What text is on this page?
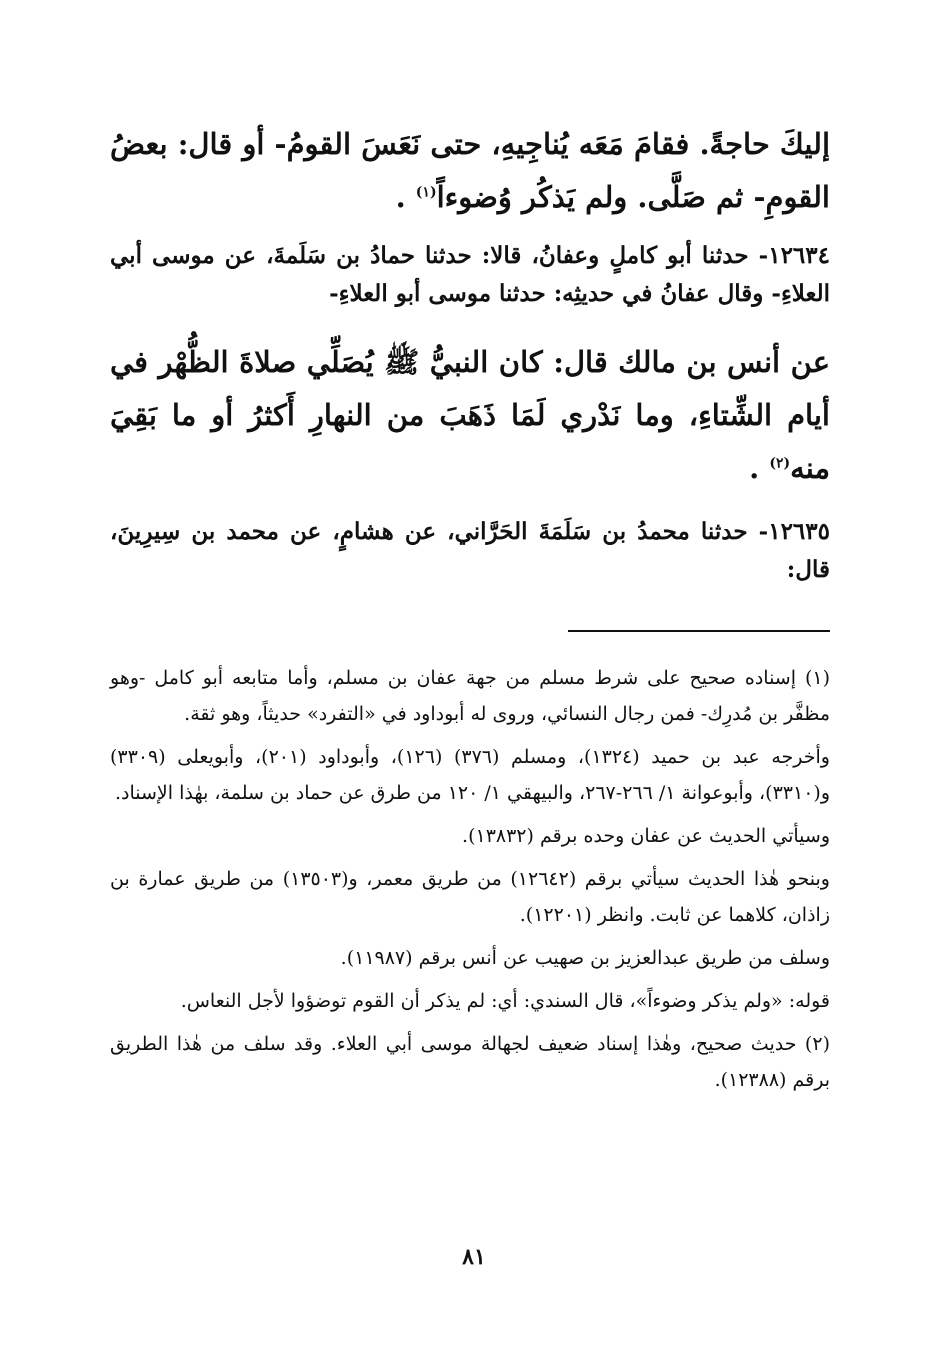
إليكَ حاجةً. فقامَ مَعَه يُناجِيهِ، حتى نَعَسَ القومُ- أو قال: بعضُ القومِ- ثم صَلَّى. ولم يَذكُر وُضوءاً$^{(١)}$ .

١٢٦٣٤- حدثنا أبو كاملٍ وعفانُ، قالا: حدثنا حمادُ بن سَلَمةَ، عن موسى أبي العلاءِ- وقال عفانُ في حديثِه: حدثنا موسى أبو العلاءِ-

عن أنس بن مالك قال: كان النبيُّ ﷺ يُصَلِّي صلاةَ الظُّهْر في أيام الشِّتاءِ، وما نَدْري لَمَا ذَهَبَ من النهارِ أَكثرُ أو ما بَقِيَ منه$^{(٢)}$ .

١٢٦٣٥- حدثنا محمدُ بن سَلَمَةَ الحَرَّاني، عن هشامٍ، عن محمد بن سِيرِينَ، قال:

(١) إسناده صحيح على شرط مسلم من جهة عفان بن مسلم، وأما متابعه أبو كامل -وهو مظفَّر بن مُدرِك- فمن رجال النسائي، وروى له أبوداود في «التفرد» حديثاً، وهو ثقة.

وأخرجه عبد بن حميد (١٣٢٤)، ومسلم (٣٧٦) (١٢٦)، وأبوداود (٢٠١)، وأبويعلى (٣٣٠٩) و(٣٣١٠)، وأبوعوانة ١/ ٢٦٦-٢٦٧، والبيهقي ١/ ١٢٠ من طرق عن حماد بن سلمة، بهٰذا الإسناد.

وسيأتي الحديث عن عفان وحده برقم (١٣٨٣٢).

وبنحو هٰذا الحديث سيأتي برقم (١٢٦٤٢) من طريق معمر، و(١٣٥٠٣) من طريق عمارة بن زاذان، كلاهما عن ثابت. وانظر (١٢٢٠١).

وسلف من طريق عبدالعزيز بن صهيب عن أنس برقم (١١٩٨٧).

قوله: «ولم يذكر وضوءاً»، قال السندي: أي: لم يذكر أن القوم توضؤوا لأجل النعاس.

(٢) حديث صحيح، وهٰذا إسناد ضعيف لجهالة موسى أبي العلاء. وقد سلف من هٰذا الطريق برقم (١٢٣٨٨).

٨١
